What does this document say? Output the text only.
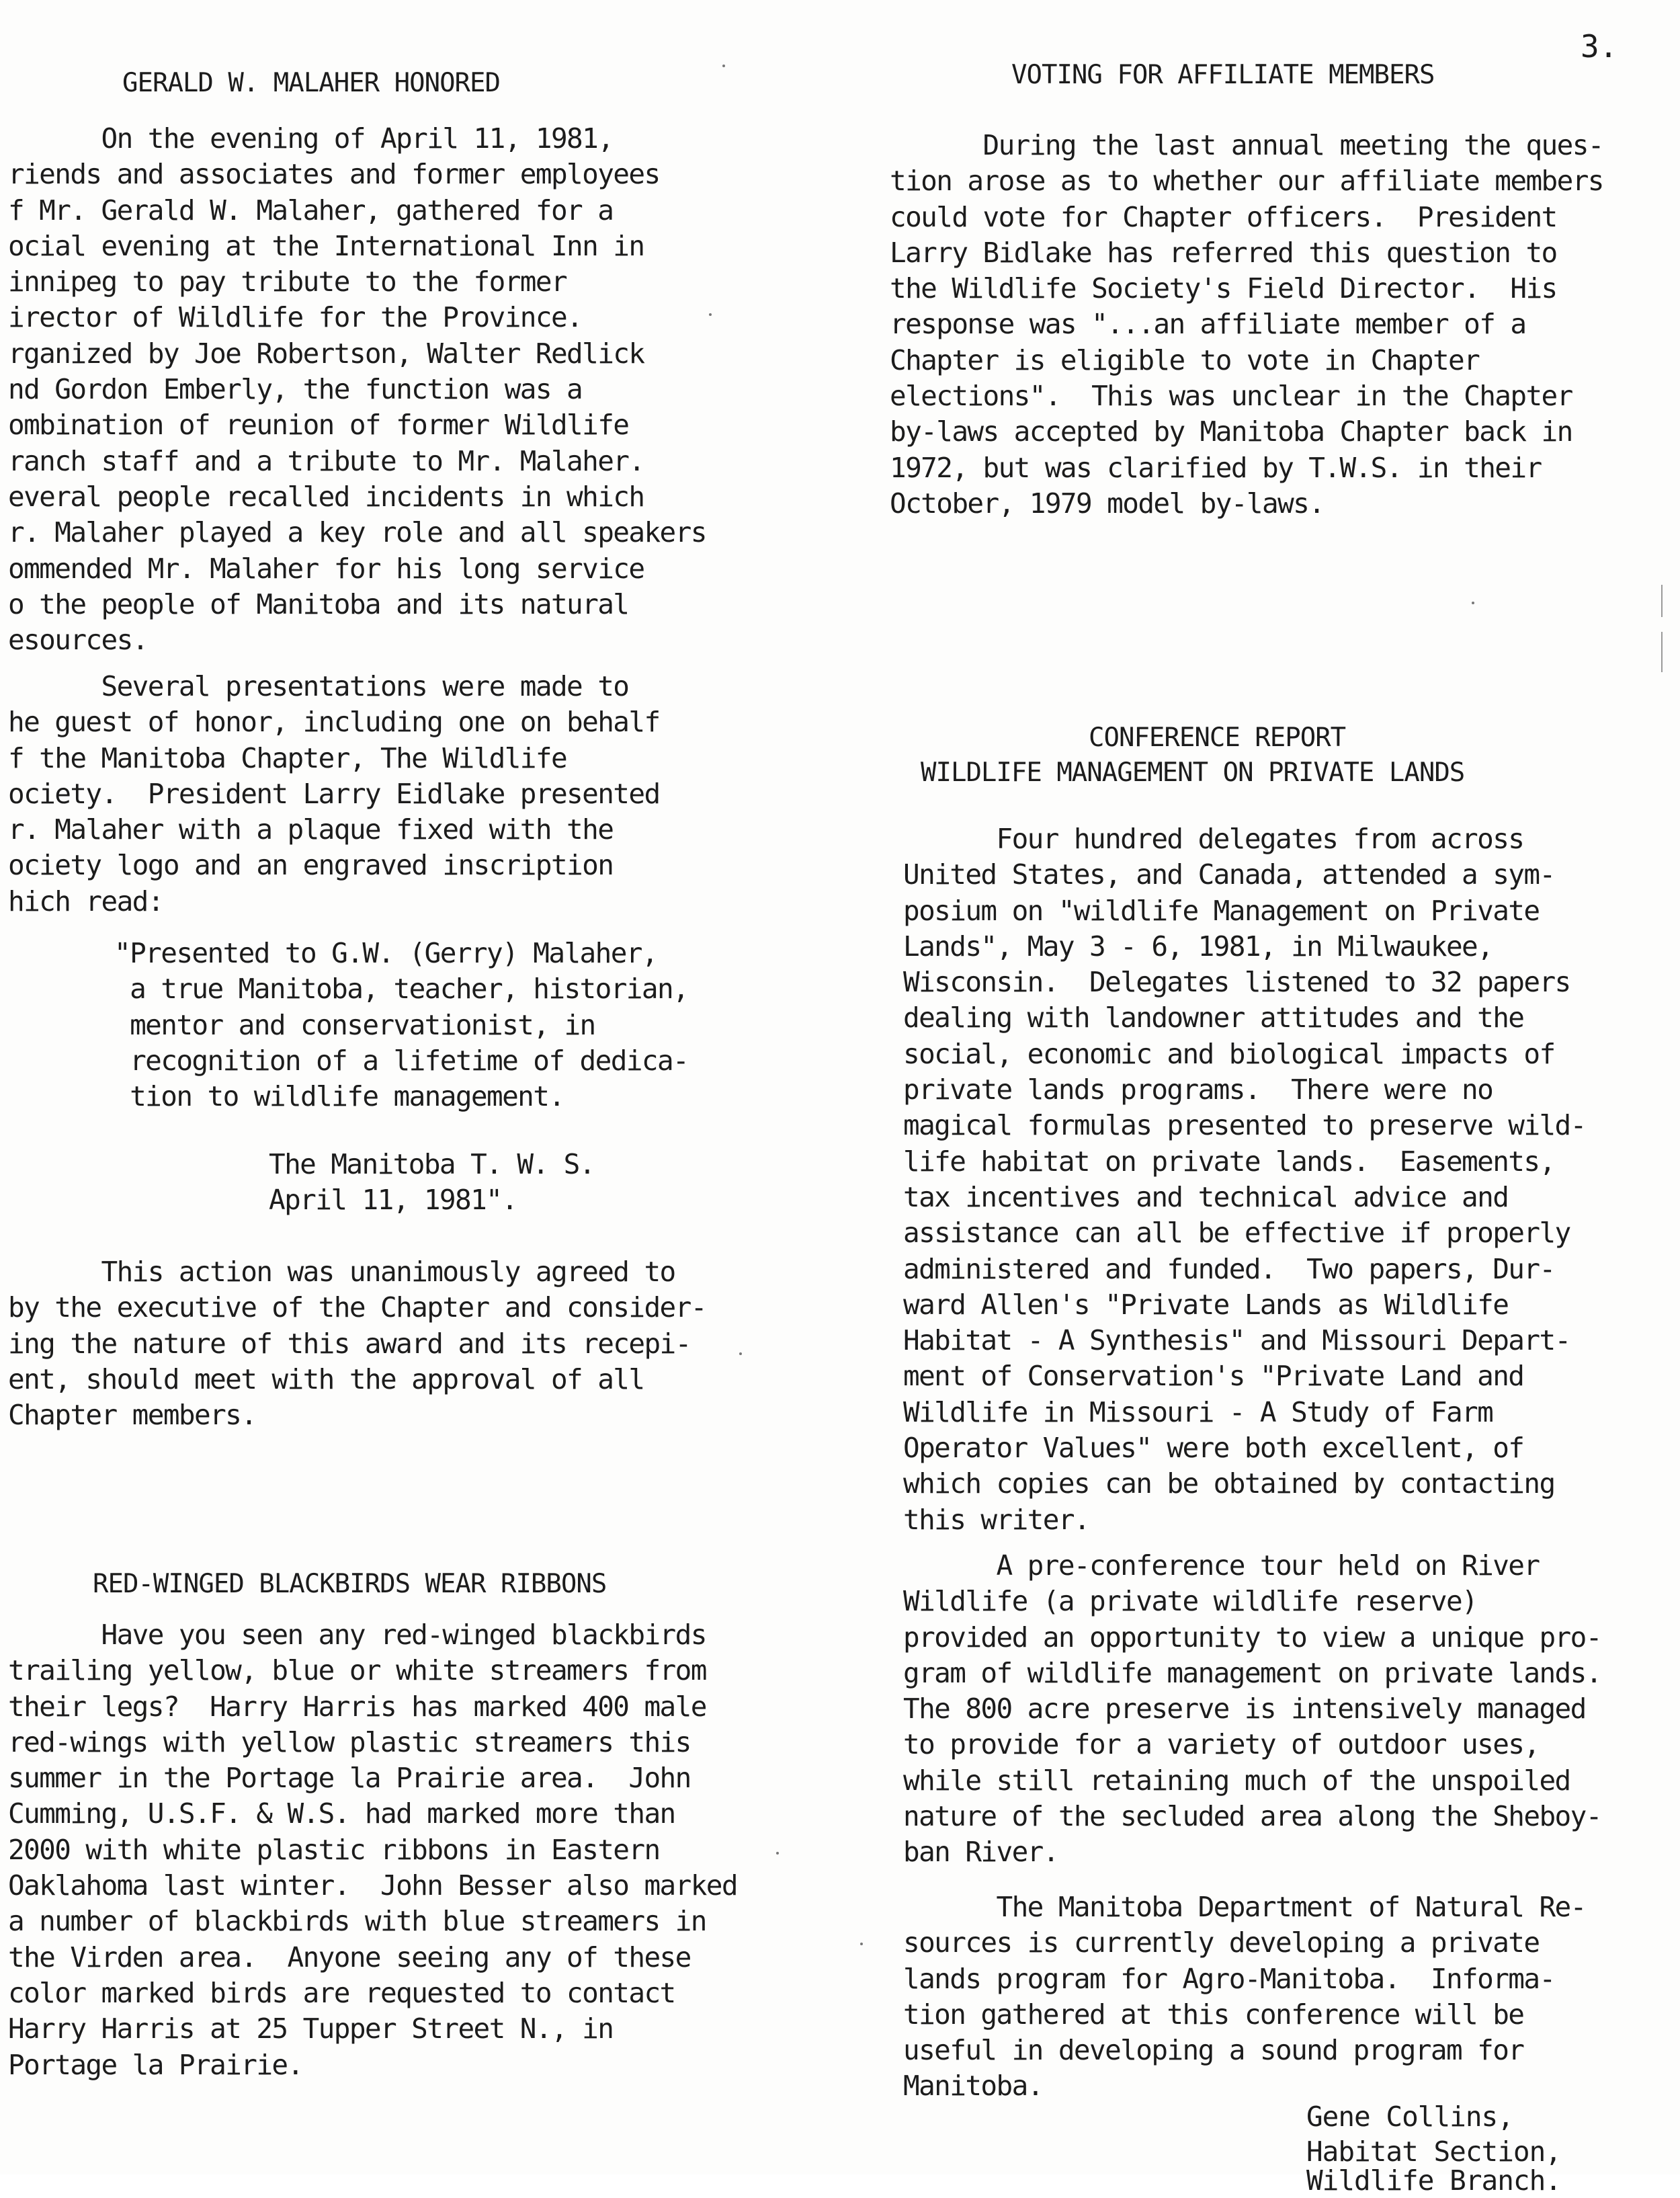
3.
GERALD W. MALAHER HONORED
On the evening of April 11, 1981,
riends and associates and former employees
f Mr. Gerald W. Malaher, gathered for a
ocial evening at the International Inn in
innipeg to pay tribute to the former
irector of Wildlife for the Province.
rganized by Joe Robertson, Walter Redlick
nd Gordon Emberly, the function was a
ombination of reunion of former Wildlife
ranch staff and a tribute to Mr. Malaher.
everal people recalled incidents in which
r. Malaher played a key role and all speakers
ommended Mr. Malaher for his long service
o the people of Manitoba and its natural
esources.
Several presentations were made to
he guest of honor, including one on behalf
f the Manitoba Chapter, The Wildlife
ociety.  President Larry Eidlake presented
r. Malaher with a plaque fixed with the
ociety logo and an engraved inscription
hich read:
"Presented to G.W. (Gerry) Malaher,
a true Manitoba, teacher, historian,
mentor and conservationist, in
recognition of a lifetime of dedica-
tion to wildlife management.
The Manitoba T. W. S.
April 11, 1981".
This action was unanimously agreed to
by the executive of the Chapter and consider-
ing the nature of this award and its recepi-
ent, should meet with the approval of all
Chapter members.
RED-WINGED BLACKBIRDS WEAR RIBBONS
Have you seen any red-winged blackbirds
trailing yellow, blue or white streamers from
their legs?  Harry Harris has marked 400 male
red-wings with yellow plastic streamers this
summer in the Portage la Prairie area.  John
Cumming, U.S.F. & W.S. had marked more than
2000 with white plastic ribbons in Eastern
Oaklahoma last winter.  John Besser also marked
a number of blackbirds with blue streamers in
the Virden area.  Anyone seeing any of these
color marked birds are requested to contact
Harry Harris at 25 Tupper Street N., in
Portage la Prairie.
VOTING FOR AFFILIATE MEMBERS
During the last annual meeting the ques-
tion arose as to whether our affiliate members
could vote for Chapter officers.  President
Larry Bidlake has referred this question to
the Wildlife Society's Field Director.  His
response was "...an affiliate member of a
Chapter is eligible to vote in Chapter
elections".  This was unclear in the Chapter
by-laws accepted by Manitoba Chapter back in
1972, but was clarified by T.W.S. in their
October, 1979 model by-laws.
CONFERENCE REPORT
WILDLIFE MANAGEMENT ON PRIVATE LANDS
Four hundred delegates from across
United States, and Canada, attended a sym-
posium on "wildlife Management on Private
Lands", May 3 - 6, 1981, in Milwaukee,
Wisconsin.  Delegates listened to 32 papers
dealing with landowner attitudes and the
social, economic and biological impacts of
private lands programs.  There were no
magical formulas presented to preserve wild-
life habitat on private lands.  Easements,
tax incentives and technical advice and
assistance can all be effective if properly
administered and funded.  Two papers, Dur-
ward Allen's "Private Lands as Wildlife
Habitat - A Synthesis" and Missouri Depart-
ment of Conservation's "Private Land and
Wildlife in Missouri - A Study of Farm
Operator Values" were both excellent, of
which copies can be obtained by contacting
this writer.
A pre-conference tour held on River
Wildlife (a private wildlife reserve)
provided an opportunity to view a unique pro-
gram of wildlife management on private lands.
The 800 acre preserve is intensively managed
to provide for a variety of outdoor uses,
while still retaining much of the unspoiled
nature of the secluded area along the Sheboy-
ban River.
The Manitoba Department of Natural Re-
sources is currently developing a private
lands program for Agro-Manitoba.  Informa-
tion gathered at this conference will be
useful in developing a sound program for
Manitoba.
Gene Collins,
Habitat Section,
Wildlife Branch.
